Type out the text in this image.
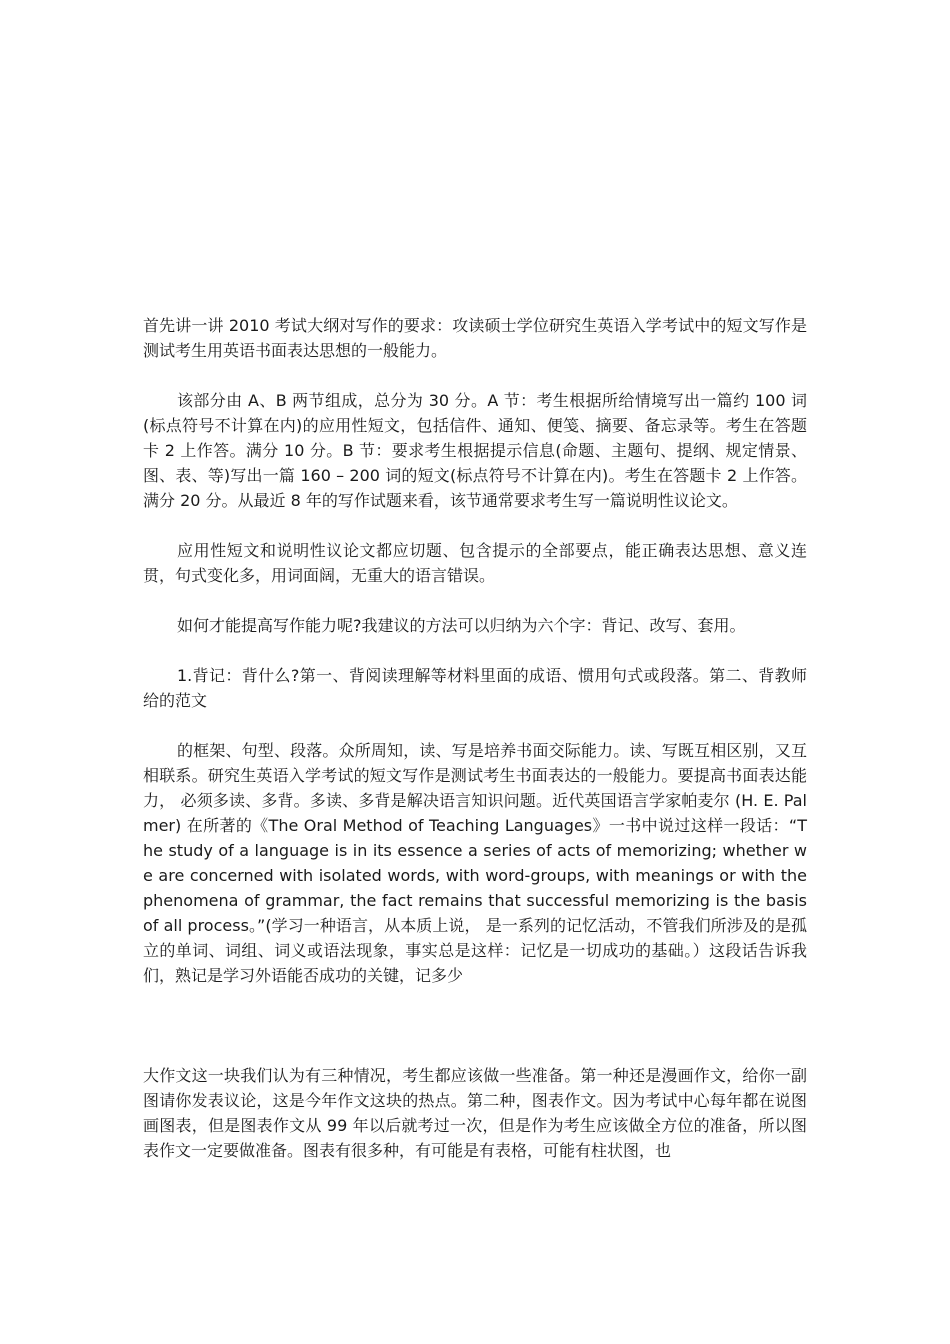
首先讲一讲 2010 考试大纲对写作的要求：攻读硕士学位研究生英语入学考试中的短文写作是测试考生用英语书面表达思想的一般能力。

该部分由 A、B 两节组成，总分为 30 分。A 节：考生根据所给情境写出一篇约 100 词(标点符号不计算在内)的应用性短文，包括信件、通知、便笺、摘要、备忘录等。考生在答题卡 2 上作答。满分 10 分。B 节：要求考生根据提示信息(命题、主题句、提纲、规定情景、图、表、等)写出一篇 160 – 200 词的短文(标点符号不计算在内)。考生在答题卡 2 上作答。满分 20 分。从最近 8 年的写作试题来看，该节通常要求考生写一篇说明性议论文。

应用性短文和说明性议论文都应切题、包含提示的全部要点，能正确表达思想、意义连贯，句式变化多，用词面阔，无重大的语言错误。

如何才能提高写作能力呢?我建议的方法可以归纳为六个字：背记、改写、套用。

1.背记：背什么?第一、背阅读理解等材料里面的成语、惯用句式或段落。第二、背教师给的范文

的框架、句型、段落。众所周知，读、写是培养书面交际能力。读、写既互相区别，又互相联系。研究生英语入学考试的短文写作是测试考生书面表达的一般能力。要提高书面表达能力， 必须多读、多背。多读、多背是解决语言知识问题。近代英国语言学家帕麦尔 (H. E. Palmer) 在所著的《The Oral Method of Teaching Languages》一书中说过这样一段话：“The study of a language is in its essence a series of acts of memorizing; whether we are concerned with isolated words, with word-groups, with meanings or with the phenomena of grammar, the fact remains that successful memorizing is the basis of all process。”(学习一种语言，从本质上说， 是一系列的记忆活动，不管我们所涉及的是孤立的单词、词组、词义或语法现象，事实总是这样：记忆是一切成功的基础。）这段话告诉我们，熟记是学习外语能否成功的关键，记多少

大作文这一块我们认为有三种情况，考生都应该做一些准备。第一种还是漫画作文，给你一副图请你发表议论，这是今年作文这块的热点。第二种，图表作文。因为考试中心每年都在说图画图表，但是图表作文从 99 年以后就考过一次，但是作为考生应该做全方位的准备，所以图表作文一定要做准备。图表有很多种，有可能是有表格，可能有柱状图，也
